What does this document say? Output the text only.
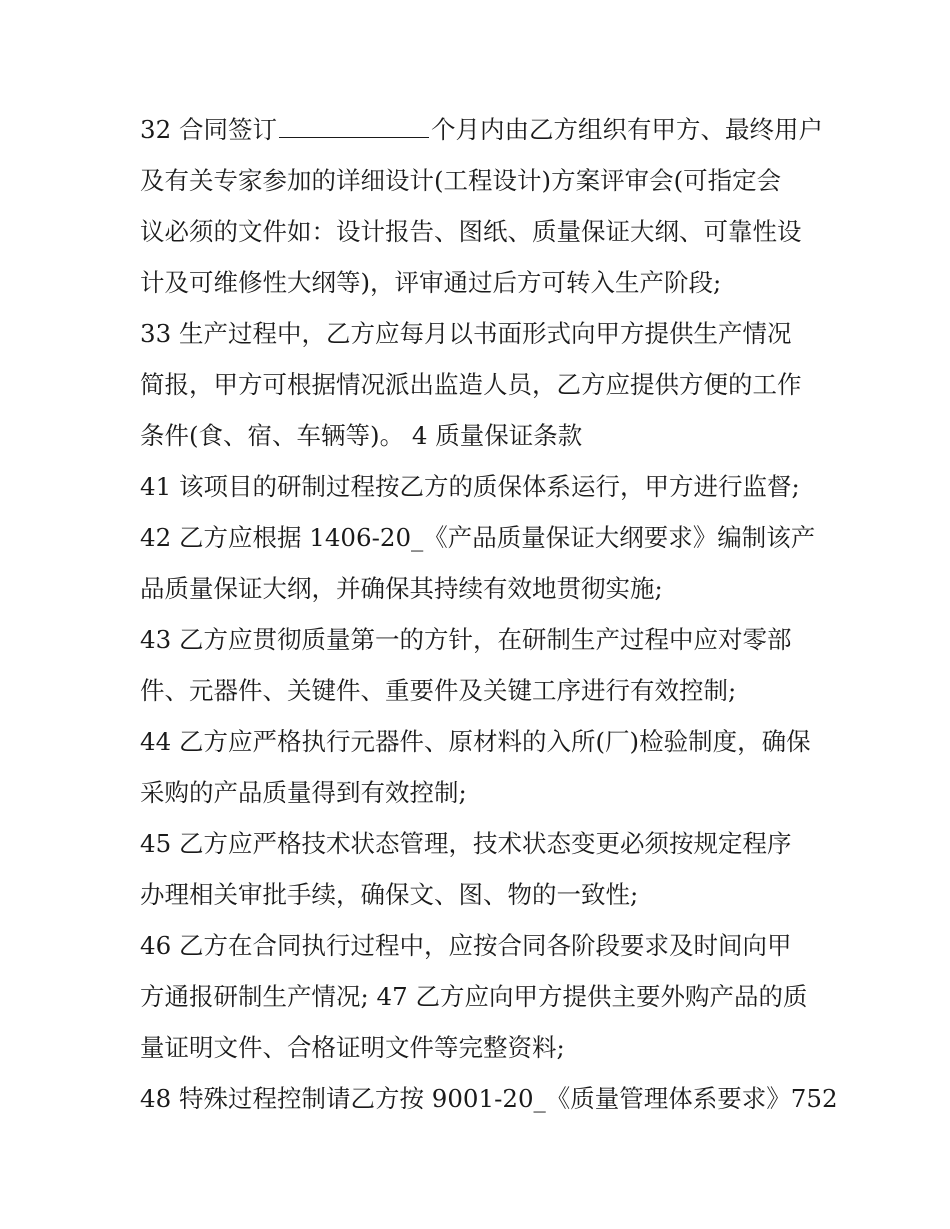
32 合同签订	个月内由乙方组织有甲方、最终用户
及有关专家参加的详细设计(工程设计)方案评审会(可指定会
议必须的文件如：设计报告、图纸、质量保证大纲、可靠性设
计及可维修性大纲等)，评审通过后方可转入生产阶段;
33 生产过程中，乙方应每月以书面形式向甲方提供生产情况
简报，甲方可根据情况派出监造人员，乙方应提供方便的工作
条件(食、宿、车辆等)。 4 质量保证条款
41 该项目的研制过程按乙方的质保体系运行，甲方进行监督;
42 乙方应根据 1406-20_《产品质量保证大纲要求》编制该产
品质量保证大纲，并确保其持续有效地贯彻实施;
43 乙方应贯彻质量第一的方针，在研制生产过程中应对零部
件、元器件、关键件、重要件及关键工序进行有效控制;
44 乙方应严格执行元器件、原材料的入所(厂)检验制度，确保
采购的产品质量得到有效控制;
45 乙方应严格技术状态管理，技术状态变更必须按规定程序
办理相关审批手续，确保文、图、物的一致性;
46 乙方在合同执行过程中，应按合同各阶段要求及时间向甲
方通报研制生产情况; 47 乙方应向甲方提供主要外购产品的质
量证明文件、合格证明文件等完整资料;
48 特殊过程控制请乙方按 9001-20_《质量管理体系要求》752
